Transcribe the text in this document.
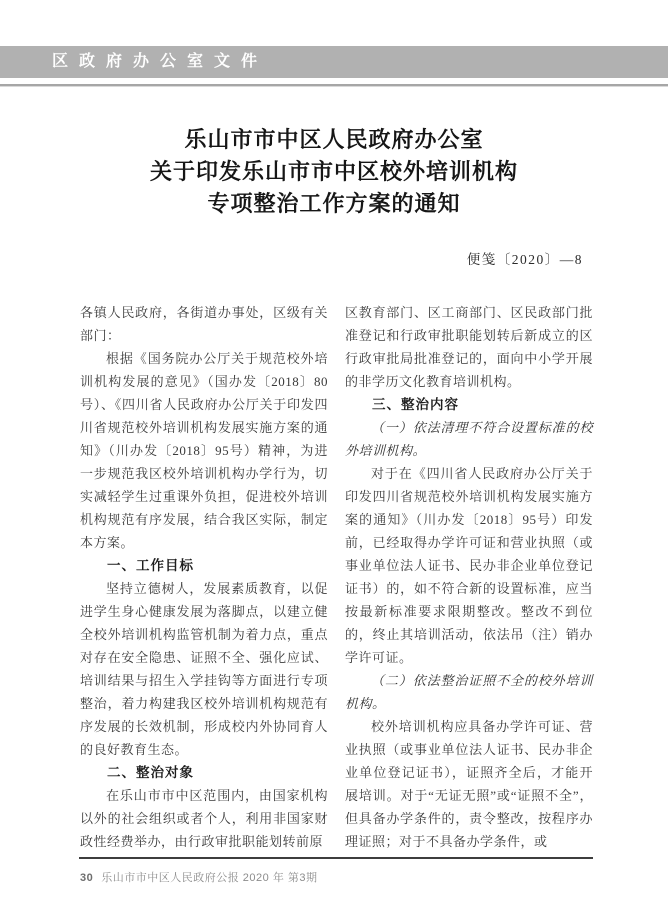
区政府办公室文件
乐山市市中区人民政府办公室
关于印发乐山市市中区校外培训机构
专项整治工作方案的通知
便笺〔2020〕—8

各镇人民政府，各街道办事处，区级有关部门：

根据《国务院办公厅关于规范校外培训机构发展的意见》（国办发〔2018〕80号）、《四川省人民政府办公厅关于印发四川省规范校外培训机构发展实施方案的通知》（川办发〔2018〕95号）精神，为进一步规范我区校外培训机构办学行为，切实减轻学生过重课外负担，促进校外培训机构规范有序发展，结合我区实际，制定本方案。

一、工作目标

坚持立德树人，发展素质教育，以促进学生身心健康发展为落脚点，以建立健全校外培训机构监管机制为着力点，重点对存在安全隐患、证照不全、强化应试、培训结果与招生入学挂钩等方面进行专项整治，着力构建我区校外培训机构规范有序发展的长效机制，形成校内外协同育人的良好教育生态。

二、整治对象

在乐山市市中区范围内，由国家机构以外的社会组织或者个人，利用非国家财政性经费举办，由行政审批职能划转前原

区教育部门、区工商部门、区民政部门批准登记和行政审批职能划转后新成立的区行政审批局批准登记的，面向中小学开展的非学历文化教育培训机构。

三、整治内容

（一）依法清理不符合设置标准的校外培训机构。

对于在《四川省人民政府办公厅关于印发四川省规范校外培训机构发展实施方案的通知》（川办发〔2018〕95号）印发前，已经取得办学许可证和营业执照（或事业单位法人证书、民办非企业单位登记证书）的，如不符合新的设置标准，应当按最新标准要求限期整改。整改不到位的，终止其培训活动，依法吊（注）销办学许可证。

（二）依法整治证照不全的校外培训机构。

校外培训机构应具备办学许可证、营业执照（或事业单位法人证书、民办非企业单位登记证书），证照齐全后，才能开展培训。对于“无证无照”或“证照不全”，但具备办学条件的，责令整改，按程序办理证照；对于不具备办学条件，或

30 乐山市市中区人民政府公报 2020 年 第3期
